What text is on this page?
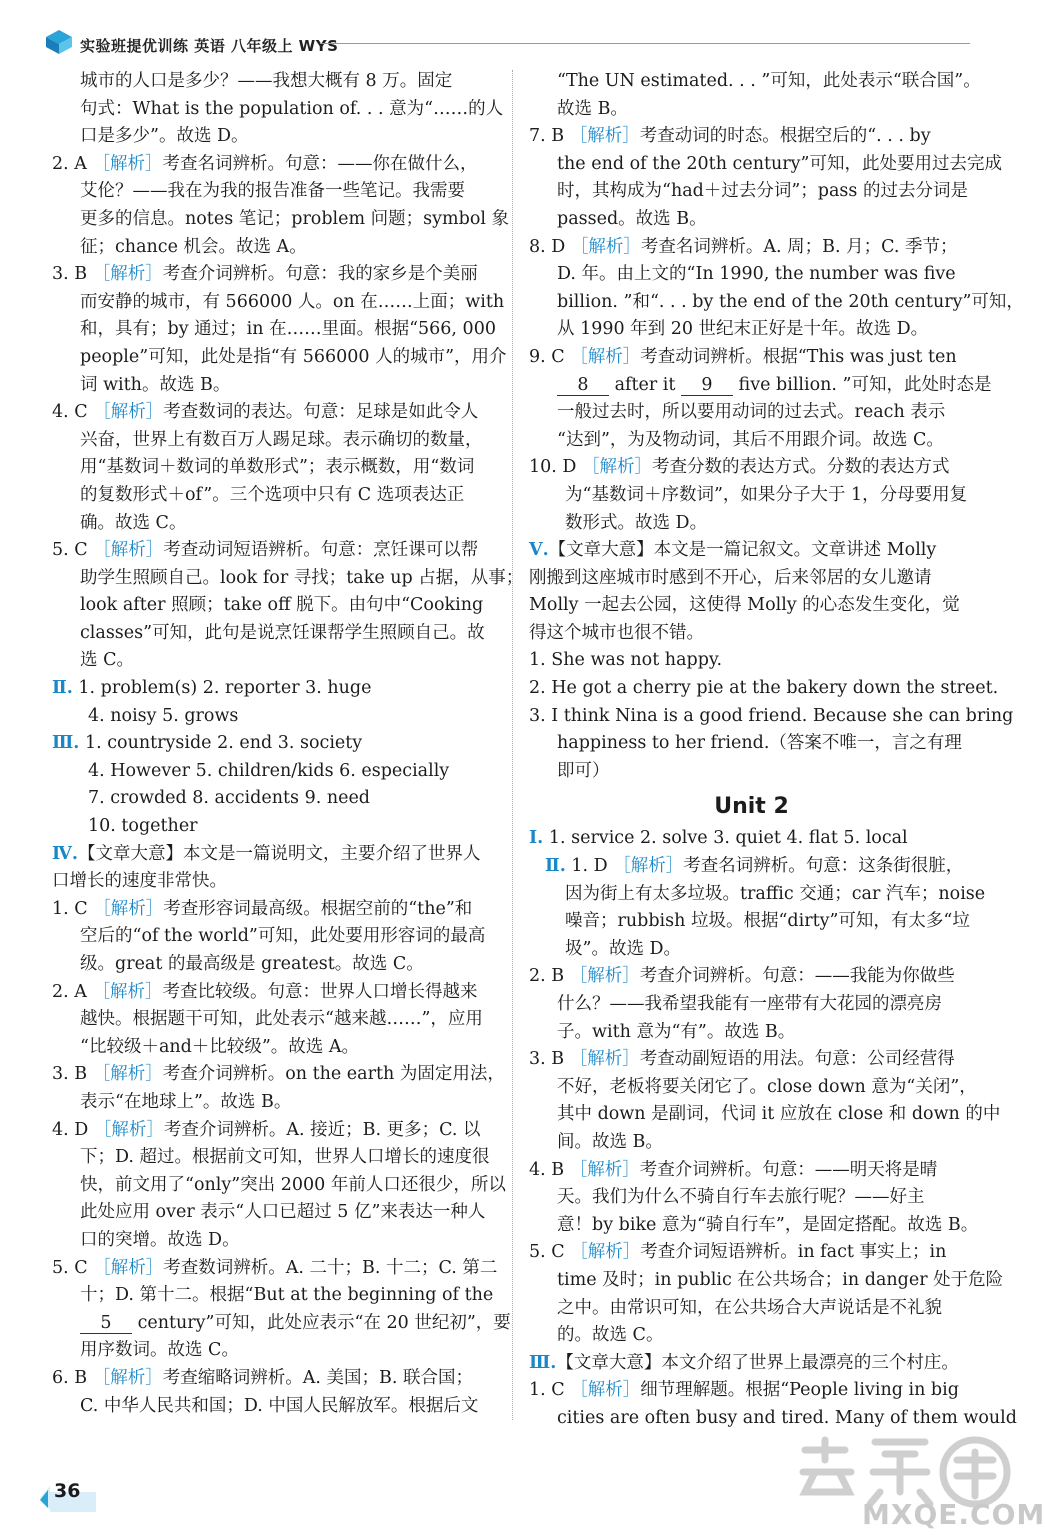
实验班提优训练 英语 八年级上 WYS
城市的人口是多少？——我想大概有 8 万。固定
句式：What is the population of. . . 意为“……的人
口是多少”。故选 D。
2. A ［解析］考查名词辨析。句意：——你在做什么，
艾伦？——我在为我的报告准备一些笔记。我需要
更多的信息。notes 笔记；problem 问题；symbol 象
征；chance 机会。故选 A。
3. B ［解析］考查介词辨析。句意：我的家乡是个美丽
而安静的城市，有 566000 人。on 在……上面；with
和，具有；by 通过；in 在……里面。根据“566, 000
people”可知，此处是指“有 566000 人的城市”，用介
词 with。故选 B。
4. C ［解析］考查数词的表达。句意：足球是如此令人
兴奋，世界上有数百万人踢足球。表示确切的数量，
用“基数词＋数词的单数形式”；表示概数，用“数词
的复数形式＋of”。三个选项中只有 C 选项表达正
确。故选 C。
5. C ［解析］考查动词短语辨析。句意：烹饪课可以帮
助学生照顾自己。look for 寻找；take up 占据，从事；
look after 照顾；take off 脱下。由句中“Cooking
classes”可知，此句是说烹饪课帮学生照顾自己。故
选 C。
Ⅱ. 1. problem(s) 2. reporter 3. huge
4. noisy 5. grows
Ⅲ. 1. countryside 2. end 3. society
4. However 5. children/kids 6. especially
7. crowded 8. accidents 9. need
10. together
Ⅳ.【文章大意】本文是一篇说明文，主要介绍了世界人
口增长的速度非常快。
1. C ［解析］考查形容词最高级。根据空前的“the”和
空后的“of the world”可知，此处要用形容词的最高
级。great 的最高级是 greatest。故选 C。
2. A ［解析］考查比较级。句意：世界人口增长得越来
越快。根据题干可知，此处表示“越来越……”，应用
“比较级＋and＋比较级”。故选 A。
3. B ［解析］考查介词辨析。on the earth 为固定用法，
表示“在地球上”。故选 B。
4. D ［解析］考查介词辨析。A. 接近；B. 更多；C. 以
下；D. 超过。根据前文可知，世界人口增长的速度很
快，前文用了“only”突出 2000 年前人口还很少，所以
此处应用 over 表示“人口已超过 5 亿”来表达一种人
口的突增。故选 D。
5. C ［解析］考查数词辨析。A. 二十；B. 十二；C. 第二
十；D. 第十二。根据“But at the beginning of the
5 century”可知，此处应表示“在 20 世纪初”，要
用序数词。故选 C。
6. B ［解析］考查缩略词辨析。A. 美国；B. 联合国；
C. 中华人民共和国；D. 中国人民解放军。根据后文
“The UN estimated. . . ”可知，此处表示“联合国”。
故选 B。
7. B ［解析］考查动词的时态。根据空后的“. . . by
the end of the 20th century”可知，此处要用过去完成
时，其构成为“had＋过去分词”；pass 的过去分词是
passed。故选 B。
8. D ［解析］考查名词辨析。A. 周；B. 月；C. 季节；
D. 年。由上文的“In 1990, the number was five
billion. ”和“. . . by the end of the 20th century”可知，
从 1990 年到 20 世纪末正好是十年。故选 D。
9. C ［解析］考查动词辨析。根据“This was just ten
8 after it 9 five billion. ”可知，此处时态是
一般过去时，所以要用动词的过去式。reach 表示
“达到”，为及物动词，其后不用跟介词。故选 C。
10. D ［解析］考查分数的表达方式。分数的表达方式
为“基数词＋序数词”，如果分子大于 1，分母要用复
数形式。故选 D。
Ⅴ.【文章大意】本文是一篇记叙文。文章讲述 Molly
刚搬到这座城市时感到不开心，后来邻居的女儿邀请
Molly 一起去公园，这使得 Molly 的心态发生变化，觉
得这个城市也很不错。
1. She was not happy.
2. He got a cherry pie at the bakery down the street.
3. I think Nina is a good friend. Because she can bring
happiness to her friend.（答案不唯一，言之有理
即可）
Unit 2
Ⅰ. 1. service 2. solve 3. quiet 4. flat 5. local
Ⅱ. 1. D ［解析］考查名词辨析。句意：这条街很脏，
因为街上有太多垃圾。traffic 交通；car 汽车；noise
噪音；rubbish 垃圾。根据“dirty”可知，有太多“垃
圾”。故选 D。
2. B ［解析］考查介词辨析。句意：——我能为你做些
什么？——我希望我能有一座带有大花园的漂亮房
子。with 意为“有”。故选 B。
3. B ［解析］考查动副短语的用法。句意：公司经营得
不好，老板将要关闭它了。close down 意为“关闭”，
其中 down 是副词，代词 it 应放在 close 和 down 的中
间。故选 B。
4. B ［解析］考查介词辨析。句意：——明天将是晴
天。我们为什么不骑自行车去旅行呢？——好主
意！by bike 意为“骑自行车”，是固定搭配。故选 B。
5. C ［解析］考查介词短语辨析。in fact 事实上；in
time 及时；in public 在公共场合；in danger 处于危险
之中。由常识可知，在公共场合大声说话是不礼貌
的。故选 C。
Ⅲ.【文章大意】本文介绍了世界上最漂亮的三个村庄。
1. C ［解析］细节理解题。根据“People living in big
cities are often busy and tired. Many of them would
36
MXQE.COM
